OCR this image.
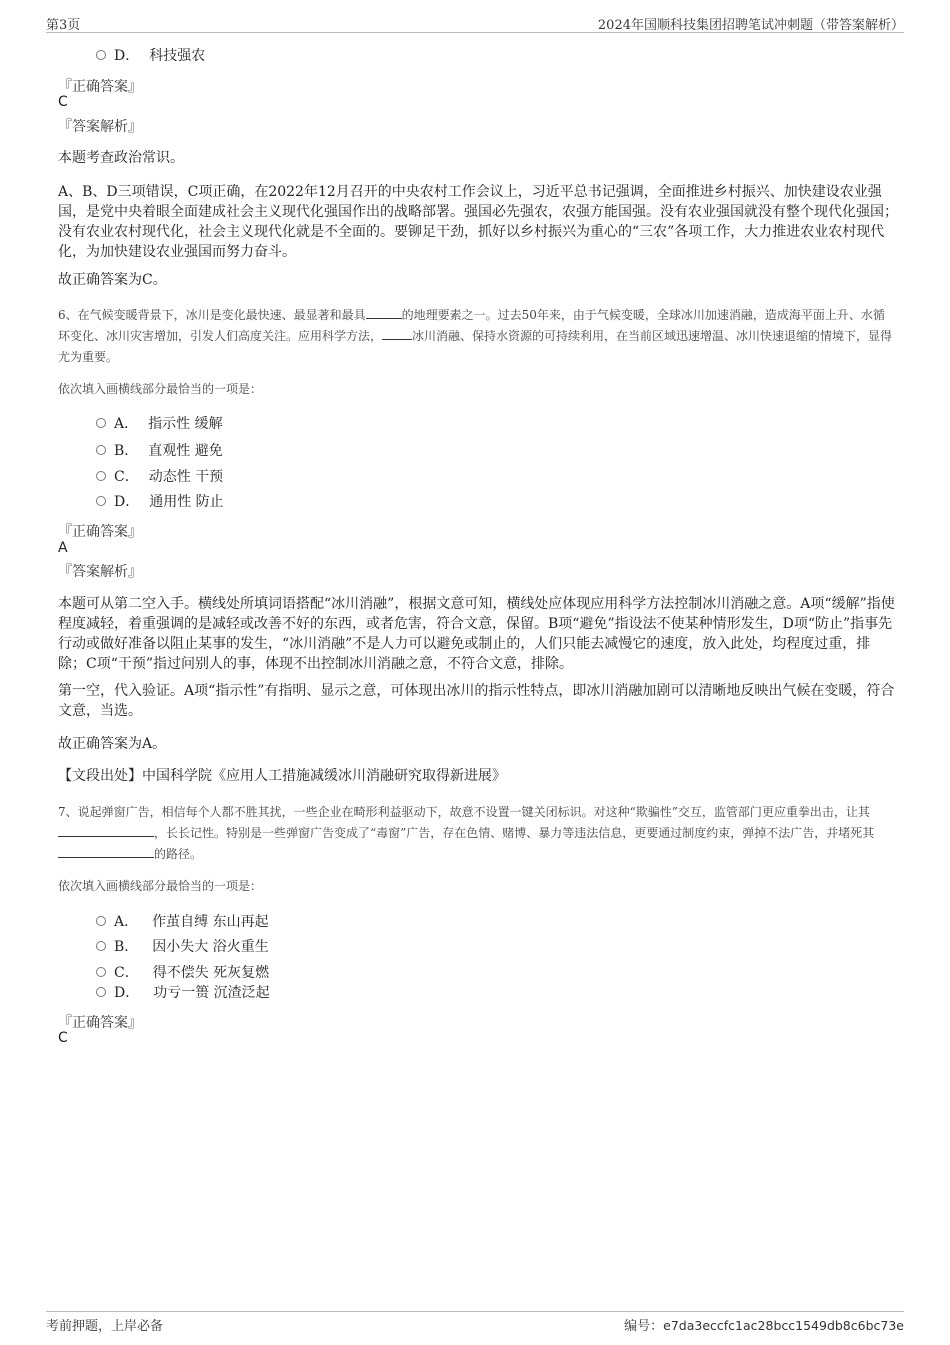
第3页	2024年国顺科技集团招聘笔试冲刺题（带答案解析）
D． 科技强农
『正确答案』
C
『答案解析』

本题考查政治常识。

A、B、D三项错误，C项正确，在2022年12月召开的中央农村工作会议上，习近平总书记强调，全面推进乡村振兴、加快建设农业强国，是党中央着眼全面建成社会主义现代化强国作出的战略部署。强国必先强农，农强方能国强。没有农业强国就没有整个现代化强国；没有农业农村现代化，社会主义现代化就是不全面的。要铆足干劲，抓好以乡村振兴为重心的“三农”各项工作，大力推进农业农村现代化，为加快建设农业强国而努力奋斗。

故正确答案为C。

6、在气候变暖背景下，冰川是变化最快速、最显著和最具	的地理要素之一。过去50年来，由于气候变暖，全球冰川加速消融，造成海平面上升、水循环变化、冰川灾害增加，引发人们高度关注。应用科学方法，	冰川消融、保持水资源的可持续利用，在当前区域迅速增温、冰川快速退缩的情境下，显得尤为重要。

依次填入画横线部分最恰当的一项是：

A． 指示性 缓解
B． 直观性 避免
C． 动态性 干预
D． 通用性 防止
『正确答案』
A
『答案解析』

本题可从第二空入手。横线处所填词语搭配“冰川消融”，根据文意可知，横线处应体现应用科学方法控制冰川消融之意。A项“缓解”指使程度减轻，着重强调的是减轻或改善不好的东西，或者危害，符合文意，保留。B项“避免”指设法不使某种情形发生，D项“防止”指事先行动或做好准备以阻止某事的发生，“冰川消融”不是人力可以避免或制止的，人们只能去减慢它的速度，放入此处，均程度过重，排除；C项“干预”指过问别人的事，体现不出控制冰川消融之意，不符合文意，排除。

第一空，代入验证。A项“指示性”有指明、显示之意，可体现出冰川的指示性特点，即冰川消融加剧可以清晰地反映出气候在变暖，符合文意，当选。

故正确答案为A。

【文段出处】中国科学院《应用人工措施减缓冰川消融研究取得新进展》

7、说起弹窗广告，相信每个人都不胜其扰，一些企业在畸形利益驱动下，故意不设置一键关闭标识。对这种“欺骗性”交互，监管部门更应重拳出击，让其，长长记性。特别是一些弹窗广告变成了“毒窗”广告，存在色情、赌博、暴力等违法信息，更要通过制度约束，弹掉不法广告，并堵死其的路径。

依次填入画横线部分最恰当的一项是：

A． 作茧自缚 东山再起
B． 因小失大 浴火重生
C． 得不偿失 死灰复燃
D． 功亏一篑 沉渣泛起
『正确答案』
C
考前押题，上岸必备	编号：e7da3eccfc1ac28bcc1549db8c6bc73e
